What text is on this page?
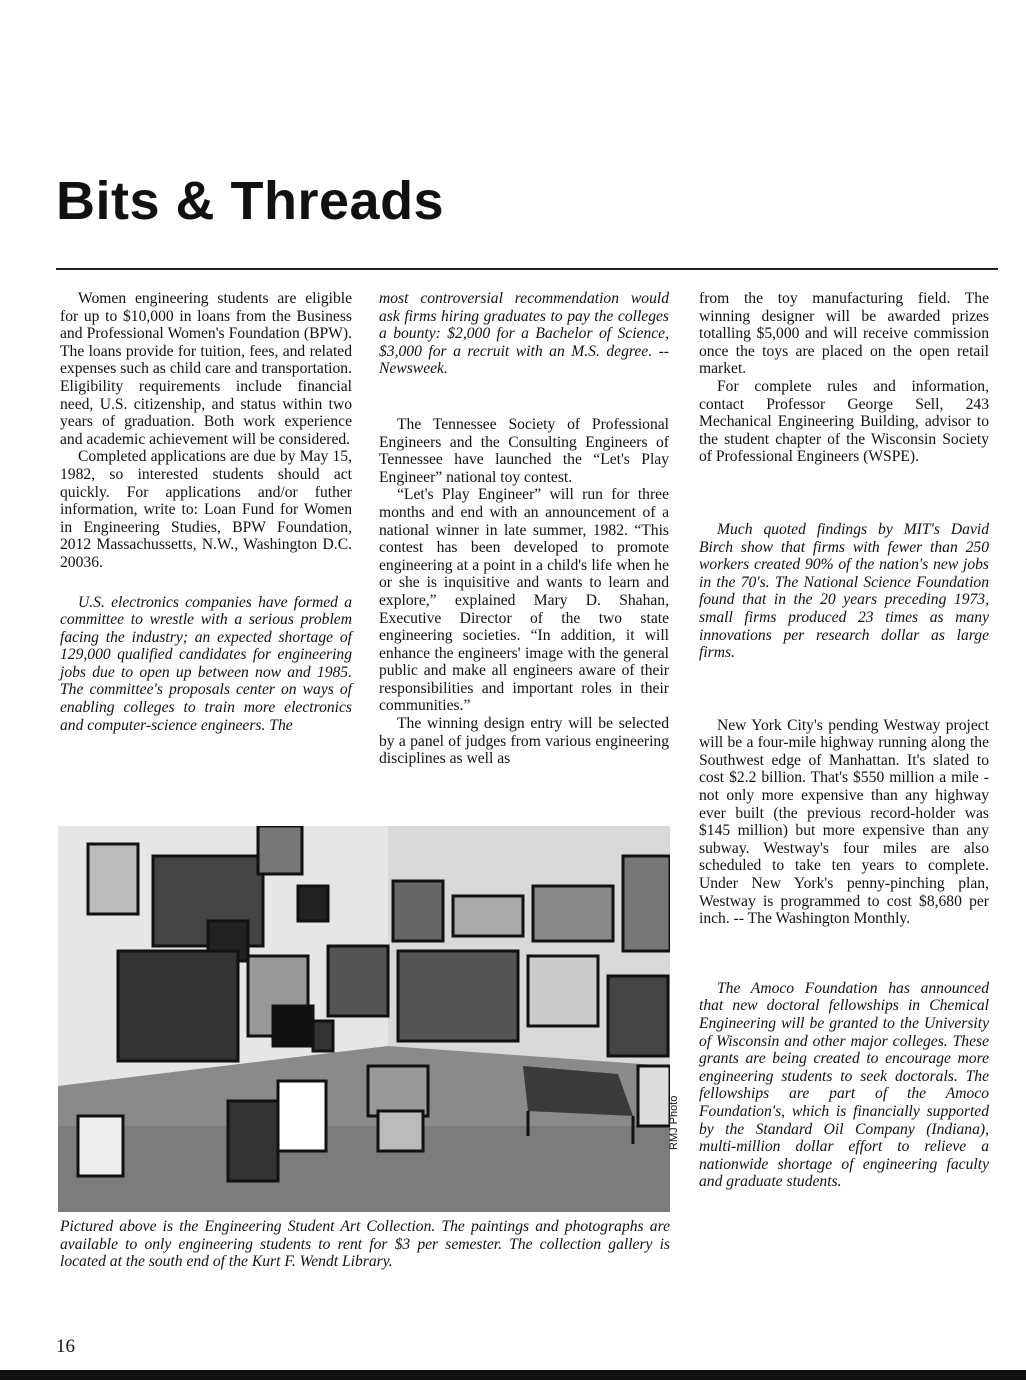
Bits & Threads

Women engineering students are eligible for up to $10,000 in loans from the Business and Professional Women's Foundation (BPW). The loans provide for tuition, fees, and related expenses such as child care and transportation. Eligibility requirements include financial need, U.S. citizenship, and status within two years of graduation. Both work experience and academic achievement will be considered.

Completed applications are due by May 15, 1982, so interested students should act quickly. For applications and/or futher information, write to: Loan Fund for Women in Engineering Studies, BPW Foundation, 2012 Massachussetts, N.W., Washington D.C. 20036.

U.S. electronics companies have formed a committee to wrestle with a serious problem facing the industry; an expected shortage of 129,000 qualified candidates for engineering jobs due to open up between now and 1985. The committee's proposals center on ways of enabling colleges to train more electronics and computer-science engineers. The

most controversial recommendation would ask firms hiring graduates to pay the colleges a bounty: $2,000 for a Bachelor of Science, $3,000 for a recruit with an M.S. degree. -- Newsweek.

The Tennessee Society of Professional Engineers and the Consulting Engineers of Tennessee have launched the “Let's Play Engineer” national toy contest.

“Let's Play Engineer” will run for three months and end with an announcement of a national winner in late summer, 1982. “This contest has been developed to promote engineering at a point in a child's life when he or she is inquisitive and wants to learn and explore,” explained Mary D. Shahan, Executive Director of the two state engineering societies. “In addition, it will enhance the engineers' image with the general public and make all engineers aware of their responsibilities and important roles in their communities.”

The winning design entry will be selected by a panel of judges from various engineering disciplines as well as

from the toy manufacturing field. The winning designer will be awarded prizes totalling $5,000 and will receive commission once the toys are placed on the open retail market.

For complete rules and information, contact Professor George Sell, 243 Mechanical Engineering Building, advisor to the student chapter of the Wisconsin Society of Professional Engineers (WSPE).

Much quoted findings by MIT's David Birch show that firms with fewer than 250 workers created 90% of the nation's new jobs in the 70's. The National Science Foundation found that in the 20 years preceding 1973, small firms produced 23 times as many innovations per research dollar as large firms.

New York City's pending Westway project will be a four-mile highway running along the Southwest edge of Manhattan. It's slated to cost $2.2 billion. That's $550 million a mile - not only more expensive than any highway ever built (the previous record-holder was $145 million) but more expensive than any subway. Westway's four miles are also scheduled to take ten years to complete. Under New York's penny-pinching plan, Westway is programmed to cost $8,680 per inch. -- The Washington Monthly.

The Amoco Foundation has announced that new doctoral fellowships in Chemical Engineering will be granted to the University of Wisconsin and other major colleges. These grants are being created to encourage more engineering students to seek doctorals. The fellowships are part of the Amoco Foundation's, which is financially supported by the Standard Oil Company (Indiana), multi-million dollar effort to relieve a nationwide shortage of engineering faculty and graduate students.

RMJ Photo

Pictured above is the Engineering Student Art Collection. The paintings and photographs are available to only engineering students to rent for $3 per semester. The collection gallery is located at the south end of the Kurt F. Wendt Library.

16
